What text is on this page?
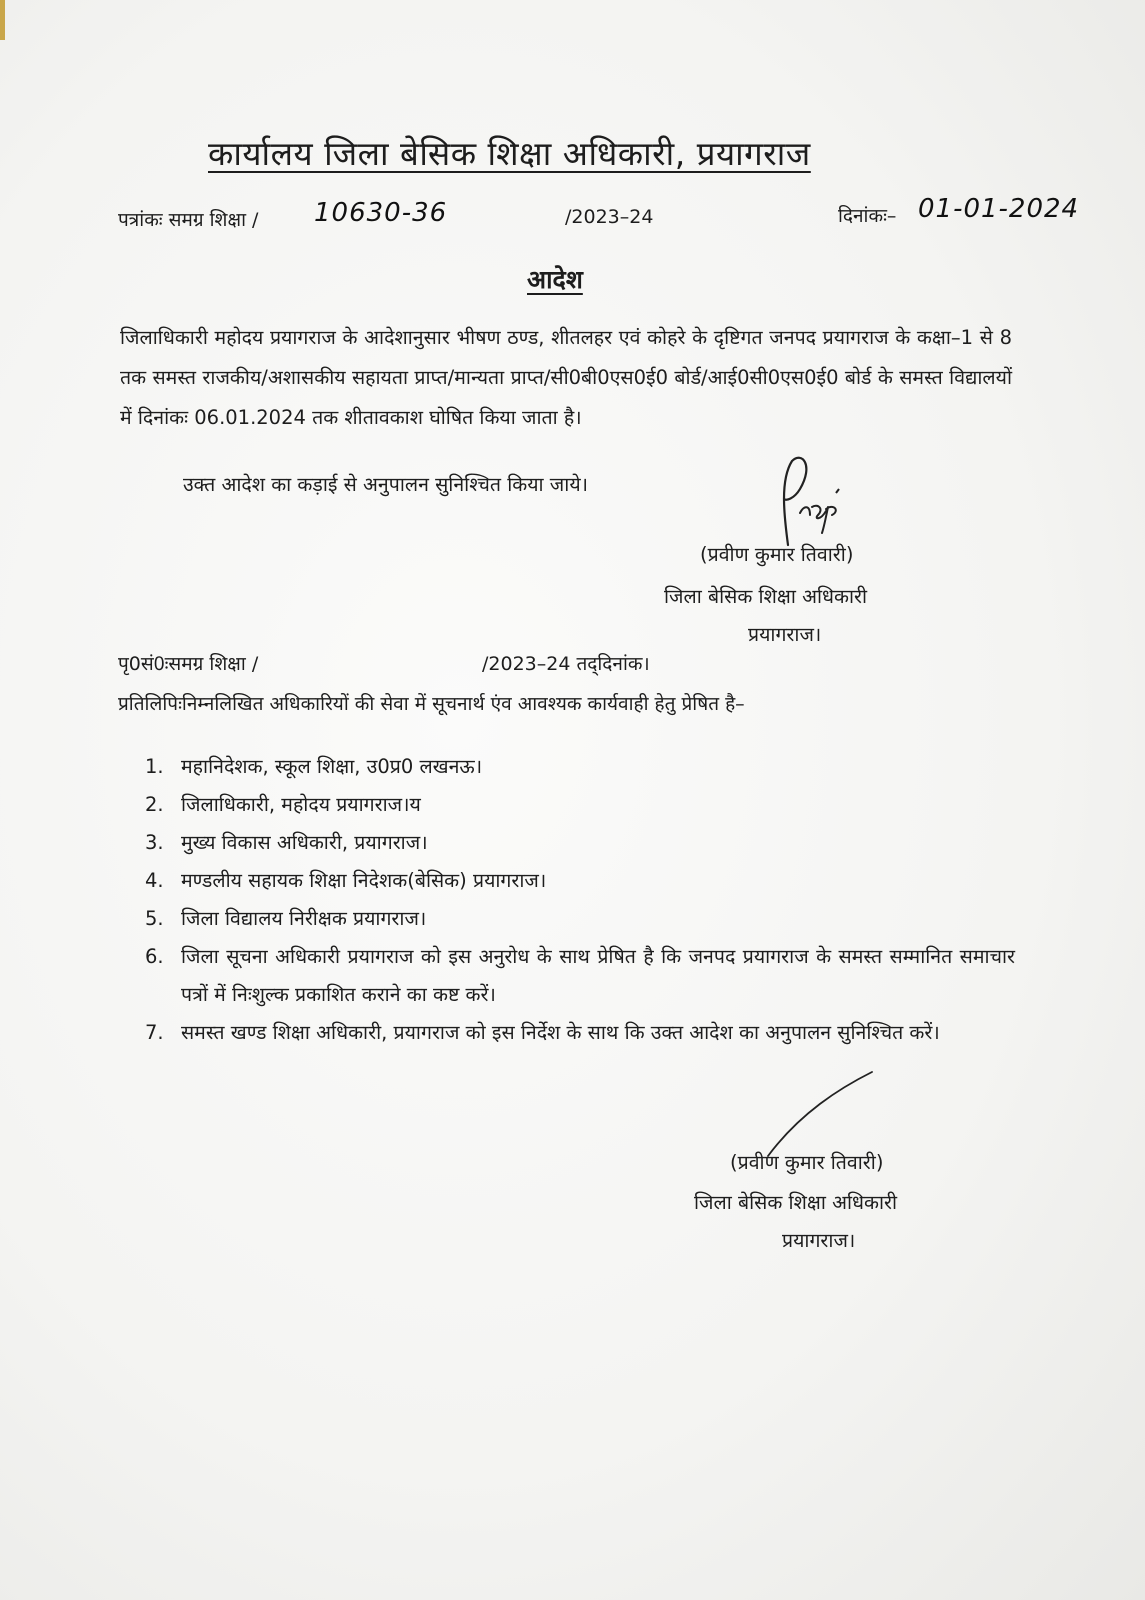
कार्यालय जिला बेसिक शिक्षा अधिकारी, प्रयागराज
पत्रांकः समग्र शिक्षा / 10630-36	/2023–24	दिनांकः– 01-01-2024
आदेश
जिलाधिकारी महोदय प्रयागराज के आदेशानुसार भीषण ठण्ड, शीतलहर एवं कोहरे के दृष्टिगत जनपद प्रयागराज के कक्षा–1 से 8 तक समस्त राजकीय/अशासकीय सहायता प्राप्त/मान्यता प्राप्त/सी0बी0एस0ई0 बोर्ड/आई0सी0एस0ई0 बोर्ड के समस्त विद्यालयों में दिनांकः 06.01.2024 तक शीतावकाश घोषित किया जाता है।
उक्त आदेश का कड़ाई से अनुपालन सुनिश्चित किया जाये।
Prap
(प्रवीण कुमार तिवारी)
जिला बेसिक शिक्षा अधिकारी
प्रयागराज।
पृ0सं0ःसमग्र शिक्षा /	/2023–24 तद्‌दिनांक।
प्रतिलिपिःनिम्नलिखित अधिकारियों की सेवा में सूचनार्थ एंव आवश्यक कार्यवाही हेतु प्रेषित है–
1. महानिदेशक, स्कूल शिक्षा, उ0प्र0 लखनऊ।
2. जिलाधिकारी, महोदय प्रयागराज।य
3. मुख्य विकास अधिकारी, प्रयागराज।
4. मण्डलीय सहायक शिक्षा निदेशक(बेसिक) प्रयागराज।
5. जिला विद्यालय निरीक्षक प्रयागराज।
6. जिला सूचना अधिकारी प्रयागराज को इस अनुरोध के साथ प्रेषित है कि जनपद प्रयागराज के समस्त सम्मानित समाचार पत्रों में निःशुल्क प्रकाशित कराने का कष्ट करें।
7. समस्त खण्ड शिक्षा अधिकारी, प्रयागराज को इस निर्देश के साथ कि उक्त आदेश का अनुपालन सुनिश्चित करें।
(प्रवीण कुमार तिवारी)
जिला बेसिक शिक्षा अधिकारी
प्रयागराज।
